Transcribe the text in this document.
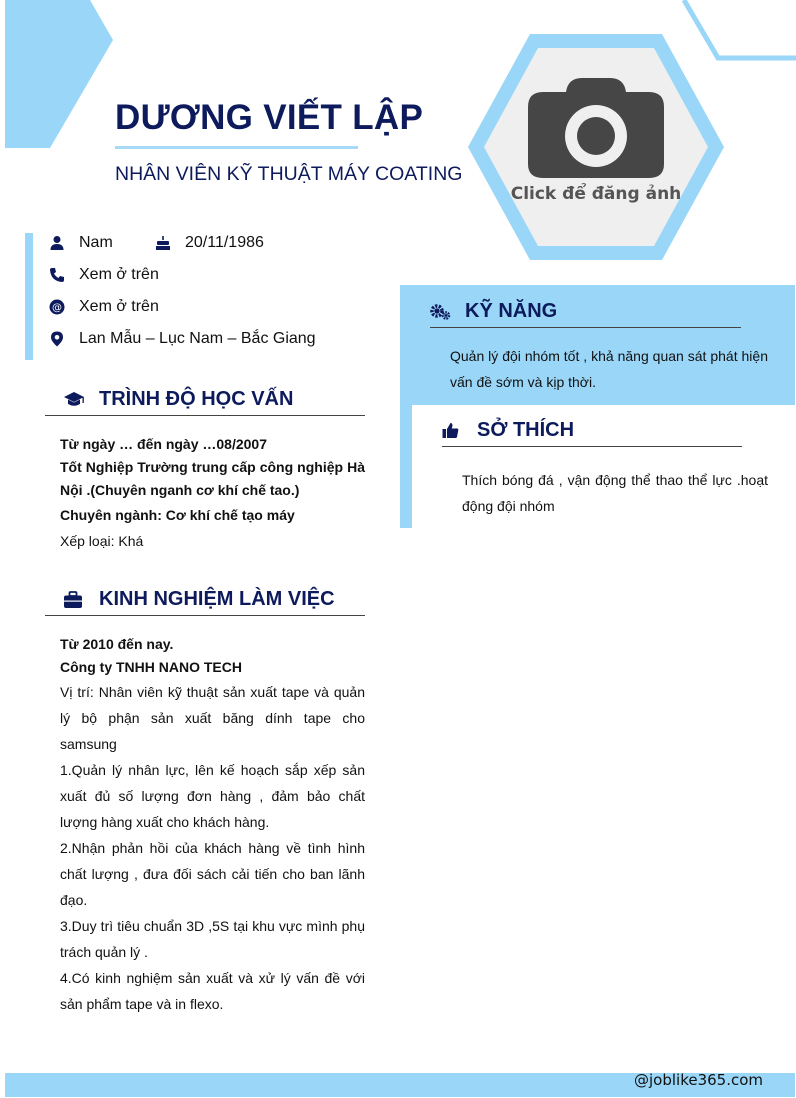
DƯƠNG VIẾT LẬP
NHÂN VIÊN KỸ THUẬT MÁY COATING
Click để đăng ảnh
Nam	20/11/1986
Xem ở trên
@ Xem ở trên
Lan Mẫu – Lục Nam – Bắc Giang
TRÌNH ĐỘ HỌC VẤN

Từ ngày … đến ngày …08/2007

Tốt Nghiệp Trường trung cấp công nghiệp Hà Nội .(Chuyên nganh cơ khí chế tao.)

Chuyên ngành: Cơ khí chế tạo máy

Xếp loại: Khá

KINH NGHIỆM LÀM VIỆC

Từ 2010 đến nay.

Công ty TNHH NANO TECH

Vị trí: Nhân viên kỹ thuật sản xuất tape và quản lý bộ phận sản xuất băng dính tape cho samsung

1.Quản lý nhân lực, lên kế hoạch sắp xếp sản xuất đủ số lượng đơn hàng , đảm bảo chất lượng hàng xuất cho khách hàng.

2.Nhận phản hồi của khách hàng về tình hình chất lượng , đưa đối sách cải tiến cho ban lãnh đạo.

3.Duy trì tiêu chuẩn 3D ,5S tại khu vực mình phụ trách quản lý .

4.Có kinh nghiệm sản xuất và xử lý vấn đề với sản phẩm tape và in flexo.

KỸ NĂNG

Quản lý đội nhóm tốt , khả năng quan sát phát hiện vấn đề sớm và kịp thời.

SỞ THÍCH

Thích bóng đá , vận động thể thao thể lực .hoạt động đội nhóm

@joblike365.com
